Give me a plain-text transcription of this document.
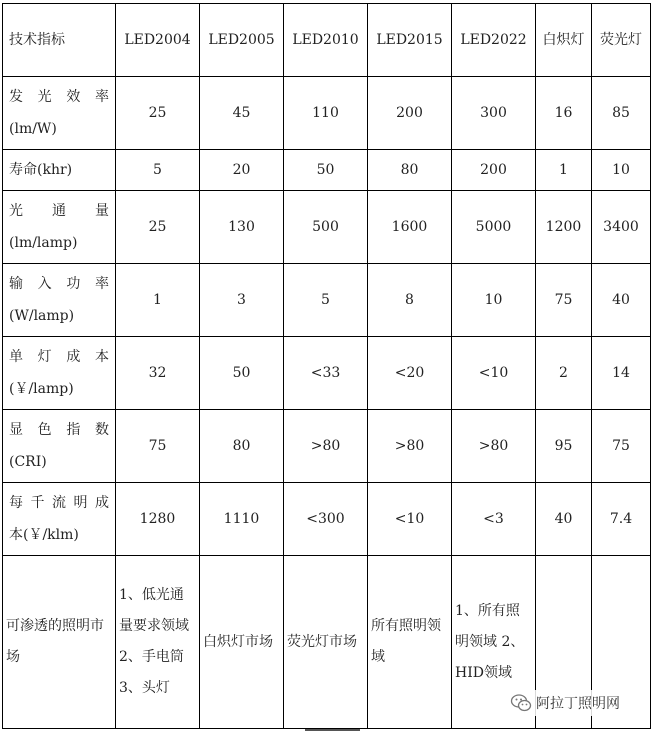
技术指标	LED2004	LED2005	LED2010	LED2015	LED2022	白炽灯	荧光灯

发光效率
(lm/W)	25	45	110	200	300	16	85

寿命(khr)	5	20	50	80	200	1	10

光通量
(lm/lamp)	25	130	500	1600	5000	1200	3400

输入功率
(W/lamp)	1	3	5	8	10	75	40

单灯成本
(￥/lamp)	32	50	<33	<20	<10	2	14

显色指数
(CRI)	75	80	>80	>80	>80	95	75

每千流明成
本(￥/klm)	1280	1110	<300	<10	<3	40	7.4
可渗透的照明市场	1、低光通量要求领域 2、手电筒 3、头灯	白炽灯市场	荧光灯市场	所有照明领域	1、所有照明领域 2、HID领域		
阿拉丁照明网
